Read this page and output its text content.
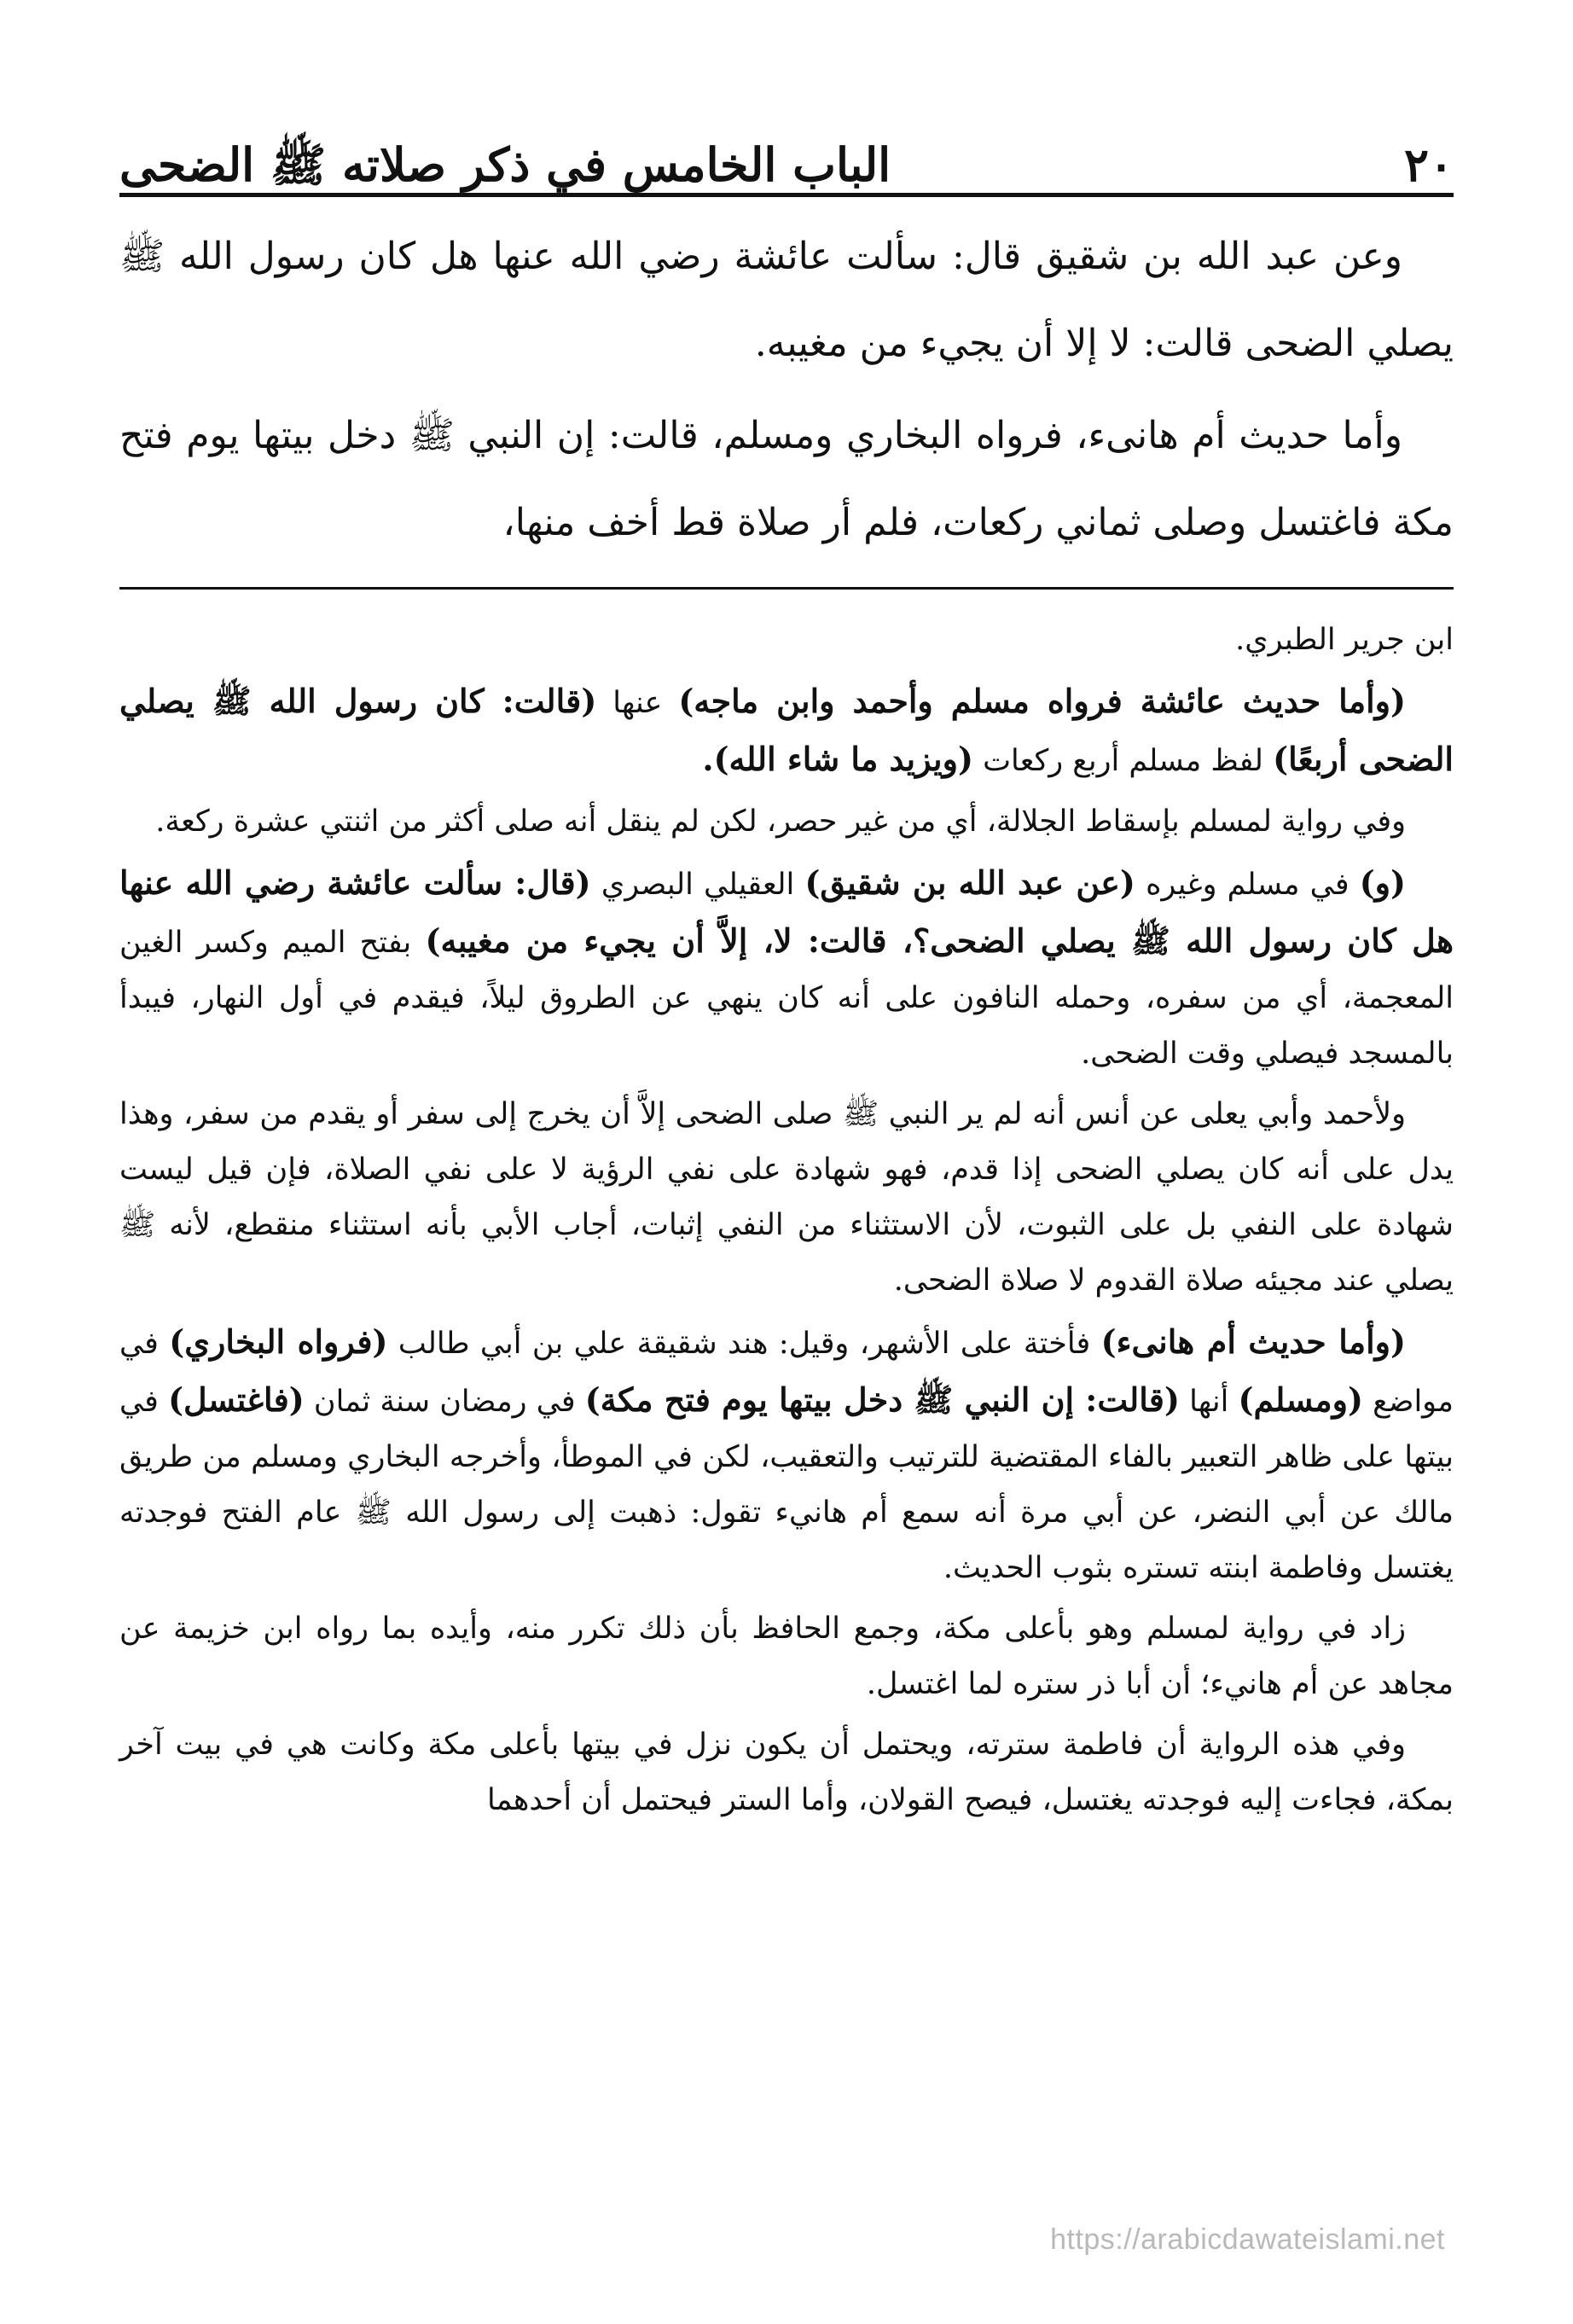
٢٠
الباب الخامس في ذكر صلاته ﷺ الضحى

وعن عبد الله بن شقيق قال: سألت عائشة رضي الله عنها هل كان رسول الله ﷺ يصلي الضحى قالت: لا إلا أن يجيء من مغيبه.

وأما حديث أم هانىء، فرواه البخاري ومسلم، قالت: إن النبي ﷺ دخل بيتها يوم فتح مكة فاغتسل وصلى ثماني ركعات، فلم أر صلاة قط أخف منها،

ابن جرير الطبري.

(وأما حديث عائشة فرواه مسلم وأحمد وابن ماجه) عنها (قالت: كان رسول الله ﷺ يصلي الضحى أربعًا) لفظ مسلم أربع ركعات (ويزيد ما شاء الله).

وفي رواية لمسلم بإسقاط الجلالة، أي من غير حصر، لكن لم ينقل أنه صلى أكثر من اثنتي عشرة ركعة.

(و) في مسلم وغيره (عن عبد الله بن شقيق) العقيلي البصري (قال: سألت عائشة رضي الله عنها هل كان رسول الله ﷺ يصلي الضحى؟، قالت: لا، إلاَّ أن يجيء من مغيبه) بفتح الميم وكسر الغين المعجمة، أي من سفره، وحمله النافون على أنه كان ينهي عن الطروق ليلاً، فيقدم في أول النهار، فيبدأ بالمسجد فيصلي وقت الضحى.

ولأحمد وأبي يعلى عن أنس أنه لم ير النبي ﷺ صلى الضحى إلاَّ أن يخرج إلى سفر أو يقدم من سفر، وهذا يدل على أنه كان يصلي الضحى إذا قدم، فهو شهادة على نفي الرؤية لا على نفي الصلاة، فإن قيل ليست شهادة على النفي بل على الثبوت، لأن الاستثناء من النفي إثبات، أجاب الأبي بأنه استثناء منقطع، لأنه ﷺ يصلي عند مجيئه صلاة القدوم لا صلاة الضحى.

(وأما حديث أم هانىء) فأختة على الأشهر، وقيل: هند شقيقة علي بن أبي طالب (فرواه البخاري) في مواضع (ومسلم) أنها (قالت: إن النبي ﷺ دخل بيتها يوم فتح مكة) في رمضان سنة ثمان (فاغتسل) في بيتها على ظاهر التعبير بالفاء المقتضية للترتيب والتعقيب، لكن في الموطأ، وأخرجه البخاري ومسلم من طريق مالك عن أبي النضر، عن أبي مرة أنه سمع أم هانيء تقول: ذهبت إلى رسول الله ﷺ عام الفتح فوجدته يغتسل وفاطمة ابنته تستره بثوب الحديث.

زاد في رواية لمسلم وهو بأعلى مكة، وجمع الحافظ بأن ذلك تكرر منه، وأيده بما رواه ابن خزيمة عن مجاهد عن أم هانيء؛ أن أبا ذر ستره لما اغتسل.

وفي هذه الرواية أن فاطمة سترته، ويحتمل أن يكون نزل في بيتها بأعلى مكة وكانت هي في بيت آخر بمكة، فجاءت إليه فوجدته يغتسل، فيصح القولان، وأما الستر فيحتمل أن أحدهما

https://arabicdawateislami.net
